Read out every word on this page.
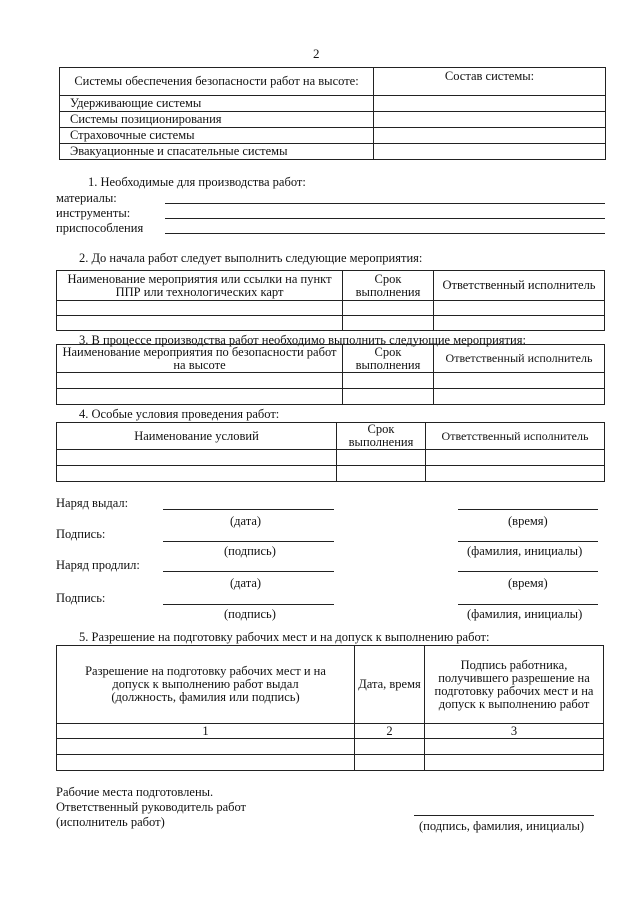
2
Системы обеспечения безопасности работ на высоте:	Состав системы:
Удерживающие системы	
Системы позиционирования	
Страховочные системы	
Эвакуационные и спасательные системы	
1. Необходимые для производства работ:
материалы:
инструменты:
приспособления
2. До начала работ следует выполнить следующие мероприятия:
Наименование мероприятия или ссылки на пункт ППР или технологических карт	Срок выполнения	Ответственный исполнитель

3. В процессе производства работ необходимо выполнить следующие мероприятия:
Наименование мероприятия по безопасности работ на высоте	Срок выполнения	Ответственный исполнитель

4. Особые условия проведения работ:
Наименование условий	Срок выполнения	Ответственный исполнитель

Наряд выдал:
(дата)	(время)
Подпись:
(подпись)	(фамилия, инициалы)
Наряд продлил:
(дата)	(время)
Подпись:
(подпись)	(фамилия, инициалы)
5. Разрешение на подготовку рабочих мест и на допуск к выполнению работ:
Разрешение на подготовку рабочих мест и на допуск к выполнению работ выдал (должность, фамилия или подпись)	Дата, время	Подпись работника, получившего разрешение на подготовку рабочих мест и на допуск к выполнению работ
1	2	3

Рабочие места подготовлены.
Ответственный руководитель работ
(исполнитель работ)	(подпись, фамилия, инициалы)
